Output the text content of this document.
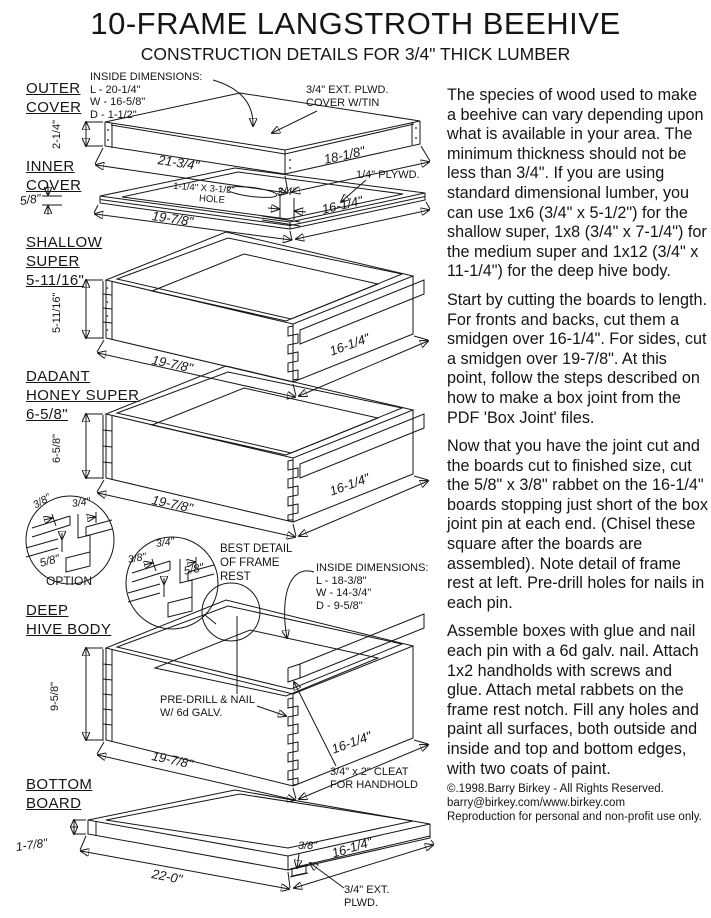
10-FRAME LANGSTROTH BEEHIVE
CONSTRUCTION DETAILS FOR 3/4" THICK LUMBER
OUTER
COVER
INSIDE DIMENSIONS:
L - 20-1/4"
W - 16-5/8"
D - 1-1/2"
3/4" EXT. PLWD.
COVER W/TIN
2-1/4"
21-3/4"	18-1/8"
INNER
COVER
5/8"
1-1/4" X 3-1/2"
HOLE
3/4"
1/4" PLYWD.
19-7/8"
16-1/4"
SHALLOW
SUPER
5-11/16"
5-11/16"
19-7/8"
16-1/4"
DADANT
HONEY SUPER
6-5/8"
6-5/8"
19-7/8"
16-1/4"
3/8" 3/4"
5/8"
OPTION
3/8"
3/4"
5/8"
BEST DETAIL
OF FRAME
REST
INSIDE DIMENSIONS:
L - 18-3/8"
W - 14-3/4"
D - 9-5/8"
DEEP
HIVE BODY
9-5/8"	PRE-DRILL & NAIL
W/ 6d GALV.
19-7/8"
16-1/4"
3/4" x 2" CLEAT
FOR HANDHOLD
BOTTOM
BOARD
1-7/8"
22-0"
3/8" 16-1/4"
3/4" EXT.
PLWD.

The species of wood used to make a beehive can vary depending upon what is available in your area. The minimum thickness should not be less than 3/4". If you are using standard dimensional lumber, you can use 1x6 (3/4" x 5-1/2") for the shallow super, 1x8 (3/4" x 7-1/4") for the medium super and 1x12 (3/4" x 11-1/4") for the deep hive body.

Start by cutting the boards to length. For fronts and backs, cut them a smidgen over 16-1/4". For sides, cut a smidgen over 19-7/8". At this point, follow the steps described on how to make a box joint from the PDF 'Box Joint' files.

Now that you have the joint cut and the boards cut to finished size, cut the 5/8" x 3/8" rabbet on the 16-1/4" boards stopping just short of the box joint pin at each end. (Chisel these square after the boards are assembled). Note detail of frame rest at left. Pre-drill holes for nails in each pin.

Assemble boxes with glue and nail each pin with a 6d galv. nail. Attach 1x2 handholds with screws and glue. Attach metal rabbets on the frame rest notch. Fill any holes and paint all surfaces, both outside and inside and top and bottom edges, with two coats of paint.

©.1998.Barry Birkey - All Rights Reserved.
barry@birkey.com/www.birkey.com
Reproduction for personal and non-profit use only.
